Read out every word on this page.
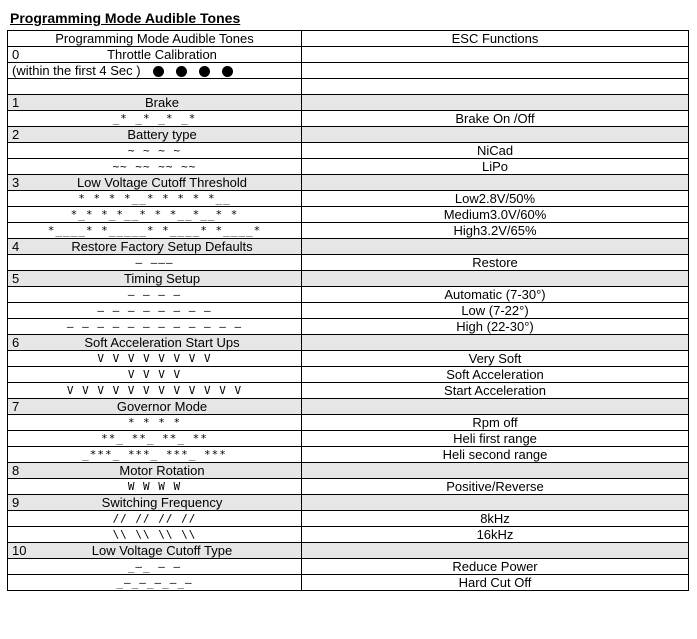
Programming Mode Audible Tones
Programming Mode Audible Tones	ESC Functions
0 Throttle Calibration	
(within the first 4 Sec )	

1 Brake	
_* _* _* _*	Brake On /Off
2 Battery type	
~ ~ ~ ~	NiCad
~~ ~~ ~~ ~~	LiPo
3 Low Voltage Cutoff Threshold	
* * * *__* * * * *__	Low2.8V/50%
*_* *_*__* * *__*__* *	Medium3.0V/60%
*____* *_____* *____* *____*	High3.2V/65%
4 Restore Factory Setup Defaults	
— ———	Restore
5 Timing Setup	
– – – –	Automatic (7-30°)
– – – – – – – –	Low (7-22°)
– – – – – – – – – – – –	High (22-30°)
6 Soft Acceleration Start Ups	
V V V V V V V V	Very Soft
V V V V	Soft Acceleration
V V V V V V V V V V V V	Start Acceleration
7 Governor Mode	
* * * *	Rpm off
**_ **_ **_ **	Heli first range
_***_ ***_ ***_ ***	Heli second range
8 Motor Rotation	
W W W W	Positive/Reverse
9 Switching Frequency	
// // // //	8kHz
\\ \\ \\ \\	16kHz
10 Low Voltage Cutoff Type	
_–_ – –	Reduce Power
_–_–_–_–_–	Hard Cut Off
